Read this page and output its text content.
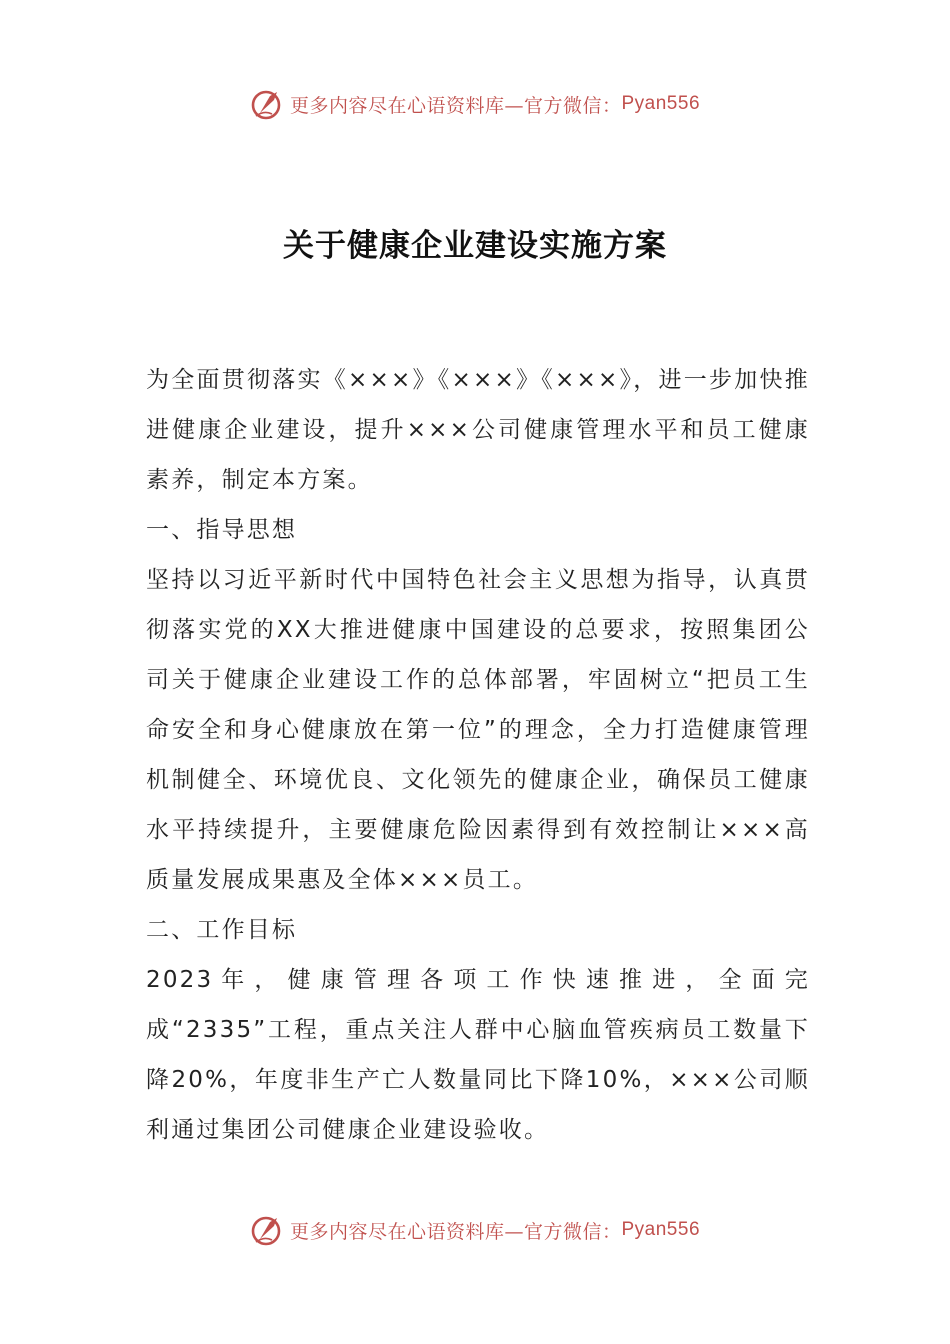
更多内容尽在心语资料库—官方微信： Pyan556
关于健康企业建设实施方案

为全面贯彻落实《×××》《×××》《×××》，进一步加快推进健康企业建设，提升×××公司健康管理水平和员工健康素养，制定本方案。

一、指导思想

坚持以习近平新时代中国特色社会主义思想为指导，认真贯彻落实党的XX大推进健康中国建设的总要求，按照集团公司关于健康企业建设工作的总体部署，牢固树立“把员工生命安全和身心健康放在第一位”的理念，全力打造健康管理机制健全、环境优良、文化领先的健康企业，确保员工健康水平持续提升，主要健康危险因素得到有效控制让×××高质量发展成果惠及全体×××员工。

二、工作目标

2023年，健康管理各项工作快速推进，全面完成“2335”工程，重点关注人群中心脑血管疾病员工数量下降20%，年度非生产亡人数量同比下降10%，×××公司顺利通过集团公司健康企业建设验收。

更多内容尽在心语资料库—官方微信： Pyan556
